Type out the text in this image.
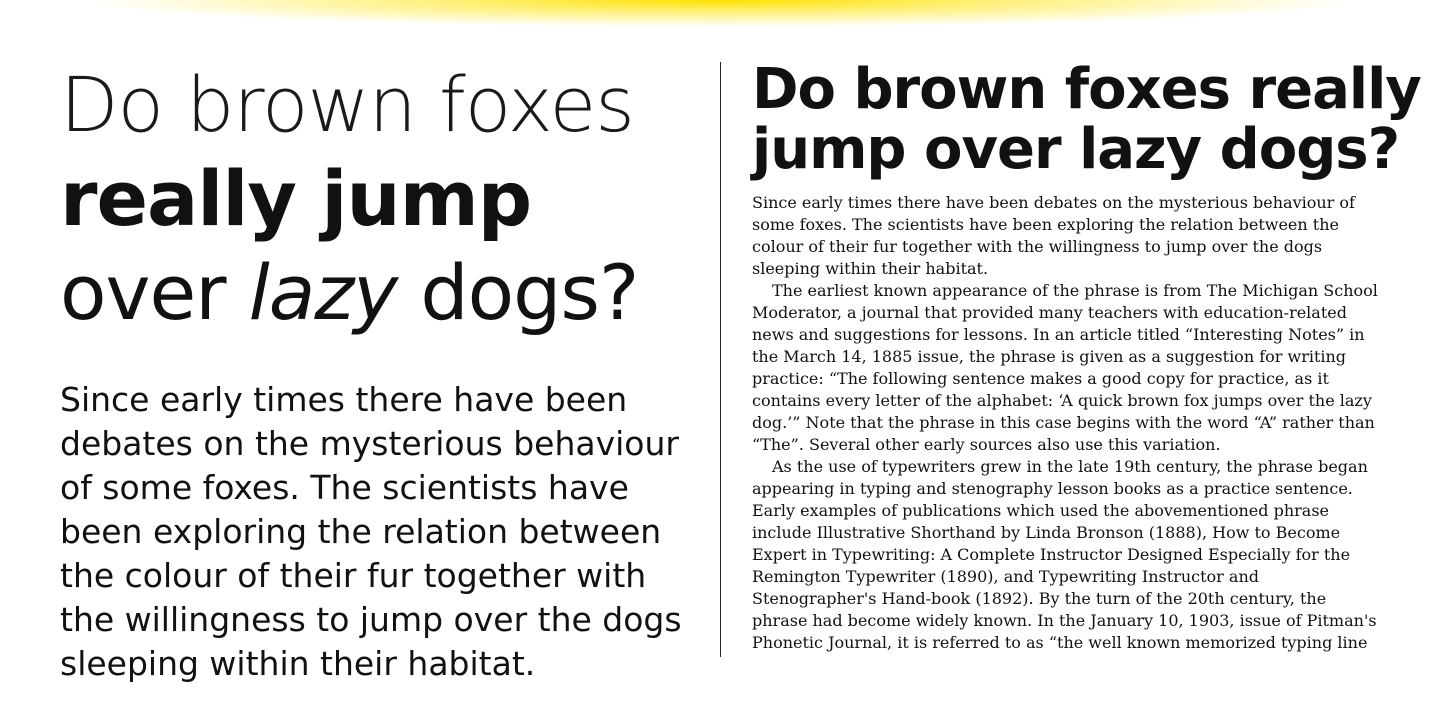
Do brown foxes
really jump
over lazy dogs?

Since early times there have been debates on the mysterious behaviour of some foxes. The scientists have been exploring the relation between the colour of their fur together with the willingness to jump over the dogs sleeping within their habitat.

Do brown foxes really
jump over lazy dogs?

Since early times there have been debates on the mysterious behaviour of some foxes. The scientists have been exploring the relation between the colour of their fur together with the willingness to jump over the dogs sleeping within their habitat.

The earliest known appearance of the phrase is from The Michigan School Moderator, a journal that provided many teachers with education-related news and suggestions for lessons. In an article titled “Interesting Notes” in the March 14, 1885 issue, the phrase is given as a suggestion for writing practice: “The following sentence makes a good copy for practice, as it contains every letter of the alphabet: ‘A quick brown fox jumps over the lazy dog.’” Note that the phrase in this case begins with the word “A” rather than “The”. Several other early sources also use this variation.

As the use of typewriters grew in the late 19th century, the phrase began appearing in typing and stenography lesson books as a practice sentence. Early examples of publications which used the abovementioned phrase include Illustrative Shorthand by Linda Bronson (1888), How to Become Expert in Typewriting: A Complete Instructor Designed Especially for the Remington Typewriter (1890), and Typewriting Instructor and Stenographer's Hand-book (1892). By the turn of the 20th century, the phrase had become widely known. In the January 10, 1903, issue of Pitman's Phonetic Journal, it is referred to as “the well known memorized typing line
